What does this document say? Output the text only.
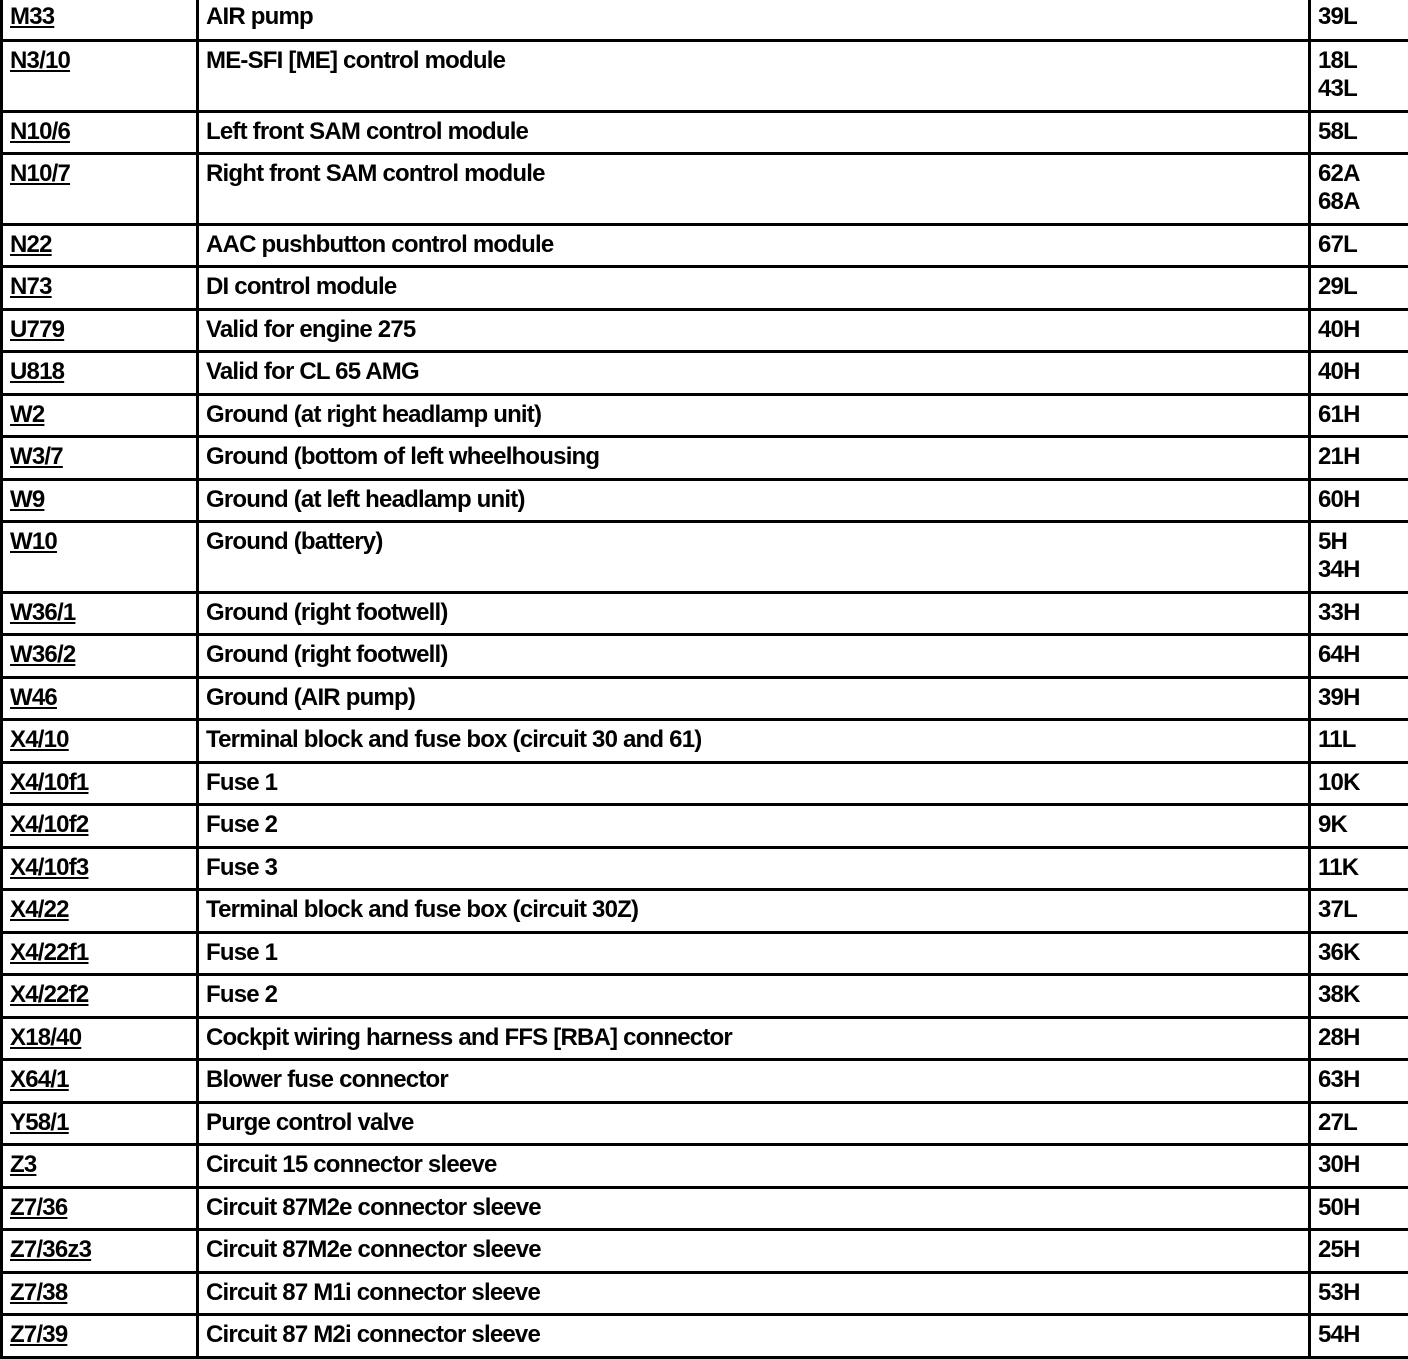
M33	AIR pump	39L

N3/10	ME-SFI [ME] control module	18L
43L

N10/6	Left front SAM control module	58L

N10/7	Right front SAM control module	62A
68A

N22	AAC pushbutton control module	67L

N73	DI control module	29L

U779	Valid for engine 275	40H

U818	Valid for CL 65 AMG	40H

W2	Ground (at right headlamp unit)	61H

W3/7	Ground (bottom of left wheelhousing	21H

W9	Ground (at left headlamp unit)	60H

W10	Ground (battery)	5H
34H

W36/1	Ground (right footwell)	33H

W36/2	Ground (right footwell)	64H

W46	Ground (AIR pump)	39H

X4/10	Terminal block and fuse box (circuit 30 and 61)	11L

X4/10f1	Fuse 1	10K

X4/10f2	Fuse 2	9K

X4/10f3	Fuse 3	11K

X4/22	Terminal block and fuse box (circuit 30Z)	37L

X4/22f1	Fuse 1	36K

X4/22f2	Fuse 2	38K

X18/40	Cockpit wiring harness and FFS [RBA] connector	28H

X64/1	Blower fuse connector	63H

Y58/1	Purge control valve	27L

Z3	Circuit 15 connector sleeve	30H

Z7/36	Circuit 87M2e connector sleeve	50H

Z7/36z3	Circuit 87M2e connector sleeve	25H

Z7/38	Circuit 87 M1i connector sleeve	53H

Z7/39	Circuit 87 M2i connector sleeve	54H
